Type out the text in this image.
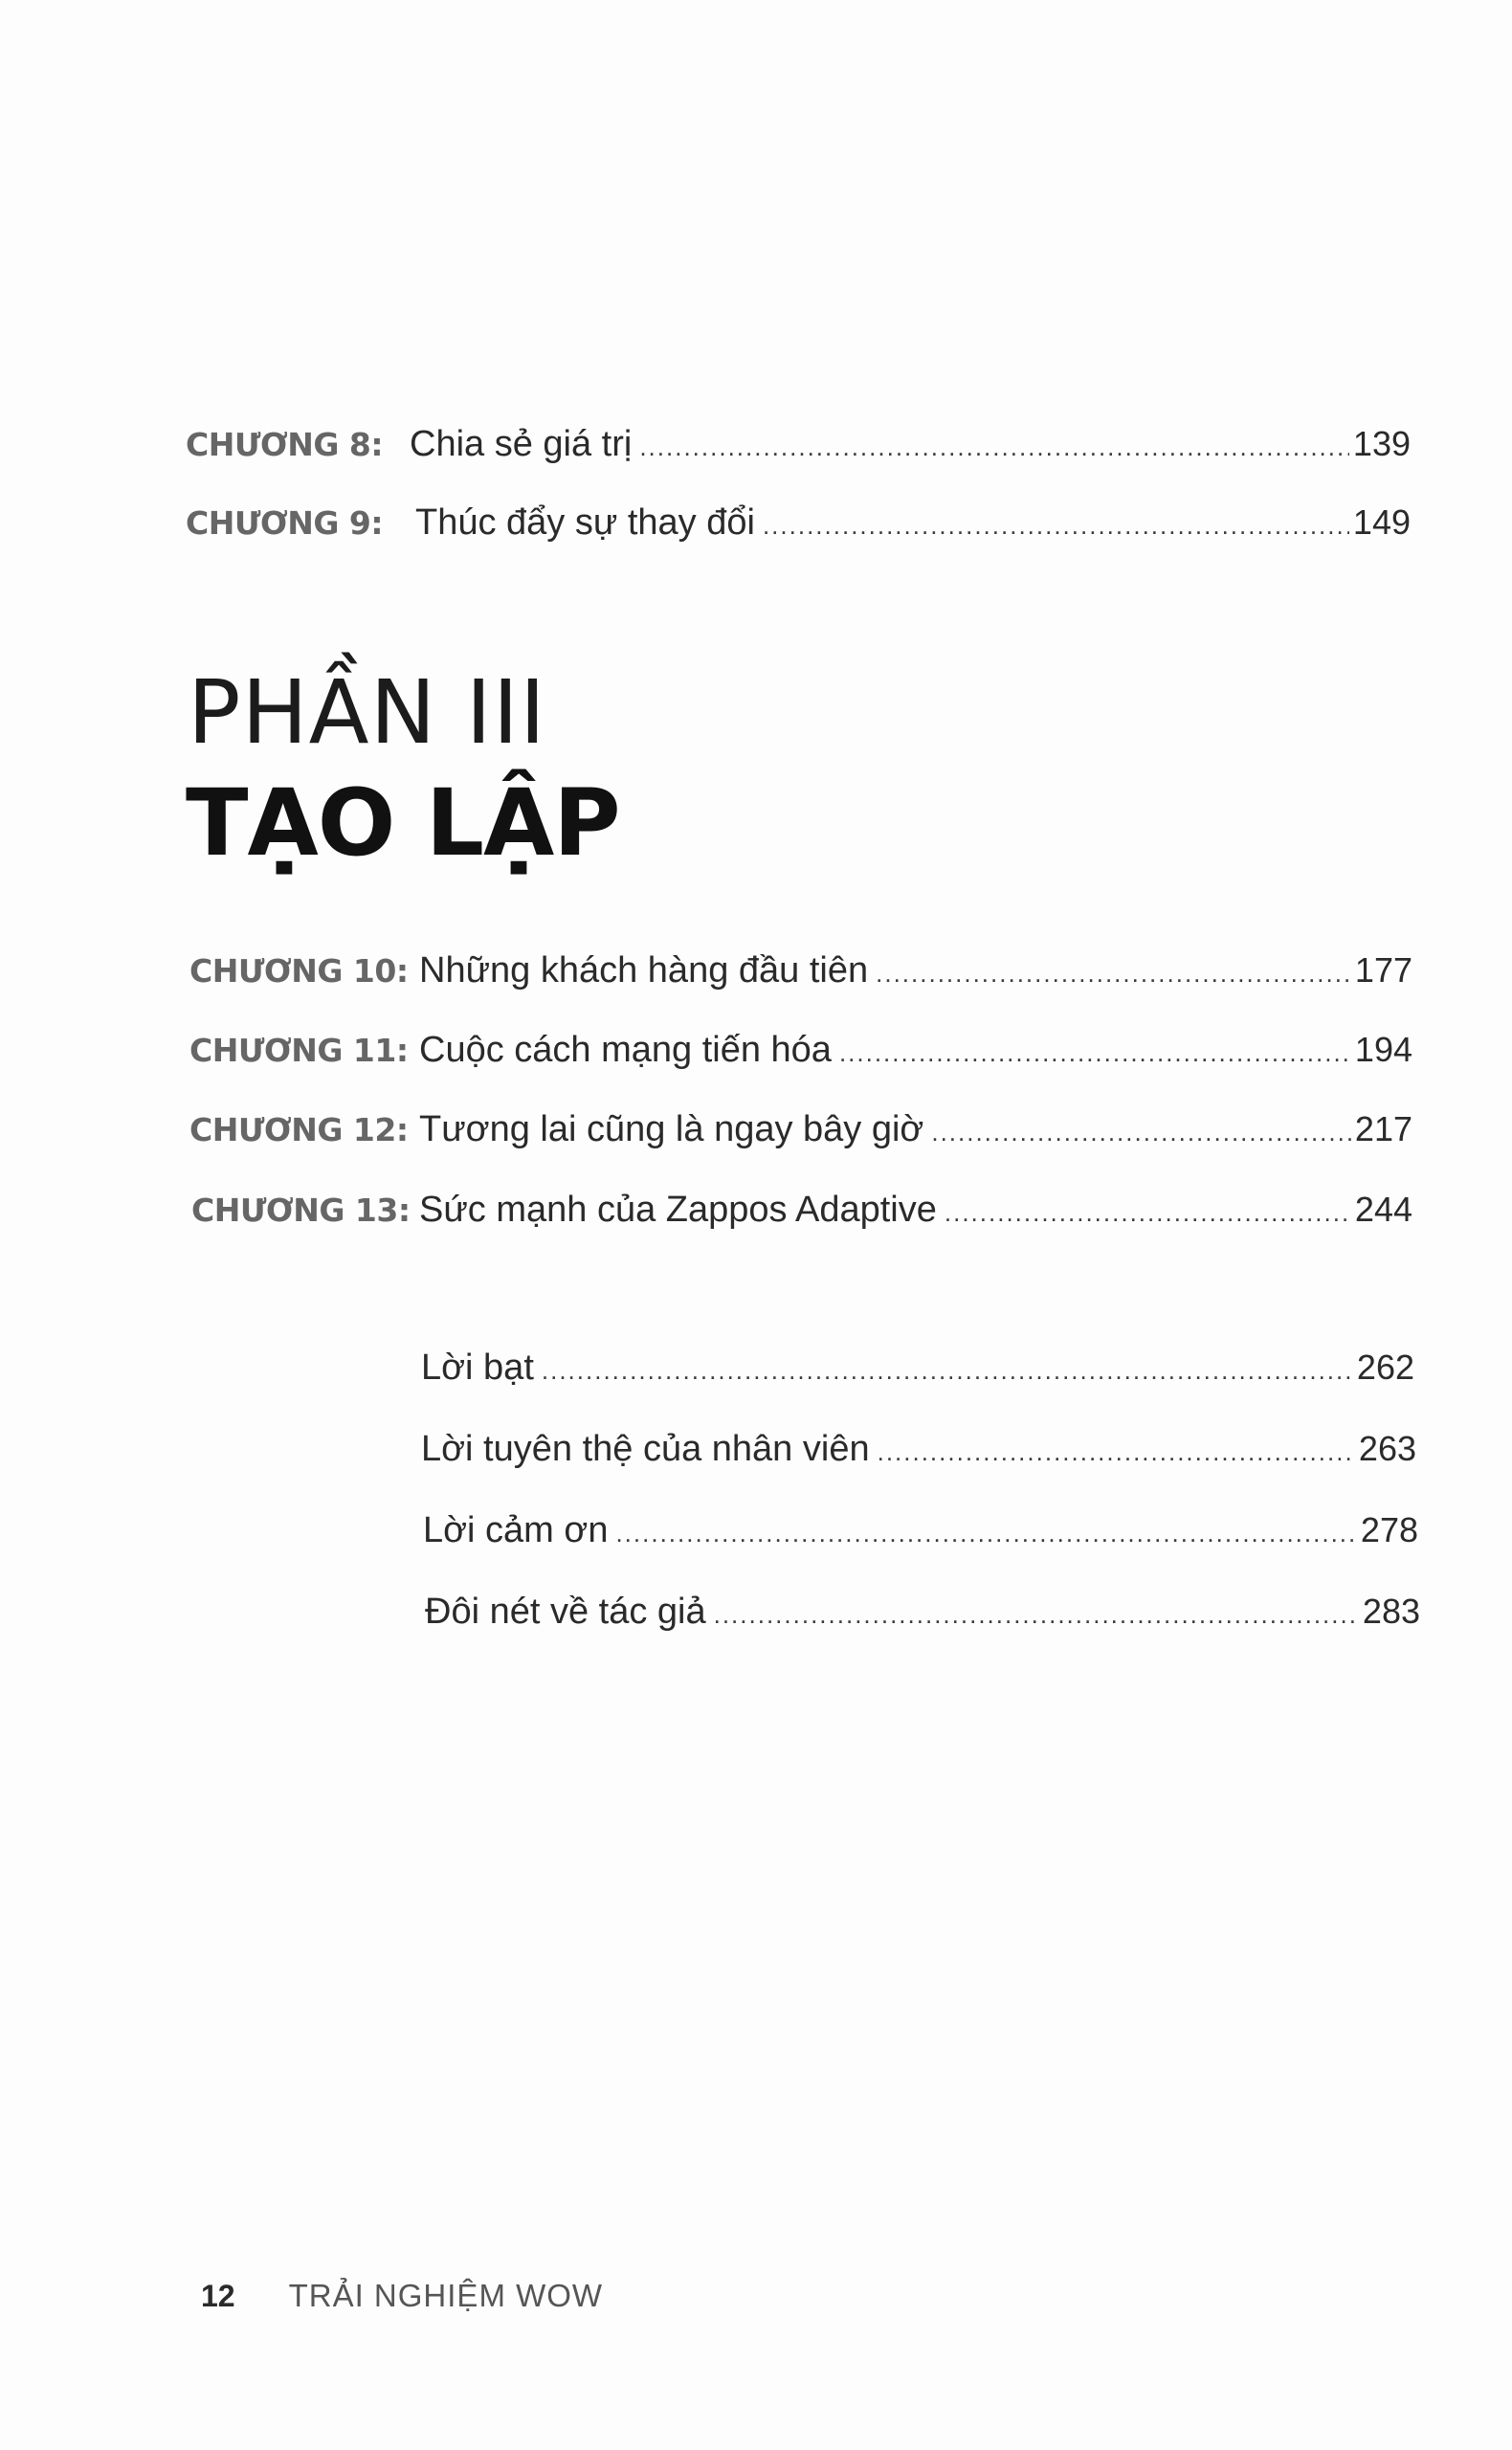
CHƯƠNG 8: Chia sẻ giá trị .....	139
CHƯƠNG 9: Thúc đẩy sự thay đổi .....	149
PHẦN III
TẠO LẬP
CHƯƠNG 10: Những khách hàng đầu tiên .....	177
CHƯƠNG 11: Cuộc cách mạng tiến hóa .....	194
CHƯƠNG 12: Tương lai cũng là ngay bây giờ .....	217
CHƯƠNG 13: Sức mạnh của Zappos Adaptive .....	244
Lời bạt .....	262
Lời tuyên thệ của nhân viên .....	263
Lời cảm ơn .....	278
Đôi nét về tác giả .....	283
12 TRẢI NGHIỆM WOW
